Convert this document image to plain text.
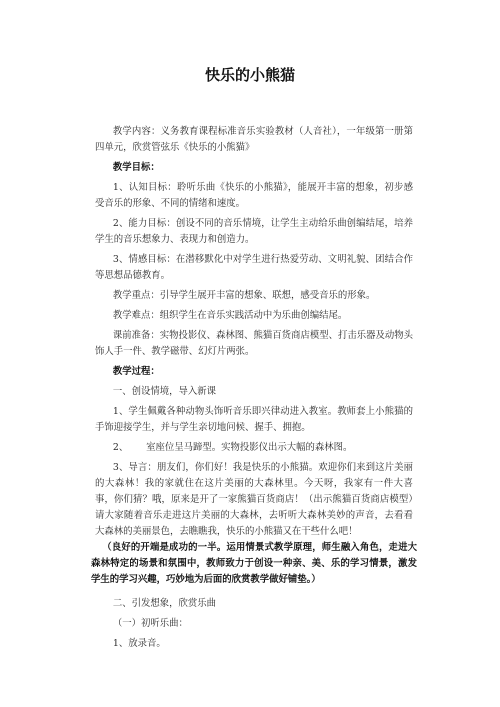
快乐的小熊猫
教学内容：义务教育课程标准音乐实验教材（人音社），一年级第一册第四单元，欣赏管弦乐《快乐的小熊猫》
教学目标：
1、认知目标：聆听乐曲《快乐的小熊猫》，能展开丰富的想象，初步感受音乐的形象、不同的情绪和速度。
2、能力目标：创设不同的音乐情境，让学生主动给乐曲创编结尾，培养学生的音乐想象力、表现力和创造力。
3、情感目标：在潜移默化中对学生进行热爱劳动、文明礼貌、团结合作等思想品德教育。
教学重点：引导学生展开丰富的想象、联想，感受音乐的形象。
教学难点：组织学生在音乐实践活动中为乐曲创编结尾。
课前准备：实物投影仪、森林图、熊猫百货商店模型、打击乐器及动物头饰人手一件、教学磁带、幻灯片两张。
教学过程：
一、创设情境，导入新课
1、学生佩戴各种动物头饰听音乐即兴律动进入教室。教师套上小熊猫的手饰迎接学生，并与学生亲切地问候、握手、拥抱。
2、      室座位呈马蹄型。实物投影仪出示大幅的森林图。
3、导言：朋友们，你们好！我是快乐的小熊猫。欢迎你们来到这片美丽的大森林！我的家就住在这片美丽的大森林里。今天呀，我家有一件大喜事，你们猜？哦，原来是开了一家熊猫百货商店！（出示熊猫百货商店模型）请大家随着音乐走进这片美丽的大森林，去听听大森林美妙的声音，去看看大森林的美丽景色，去瞧瞧我，快乐的小熊猫又在干些什么吧！
（良好的开端是成功的一半。运用情景式教学原理，师生融入角色，走进大森林特定的场景和氛围中，教师致力于创设一种亲、美、乐的学习情景，激发学生的学习兴趣，巧妙地为后面的欣赏教学做好铺垫。）
二、引发想象，欣赏乐曲
（一）初听乐曲：
1、放录音。
